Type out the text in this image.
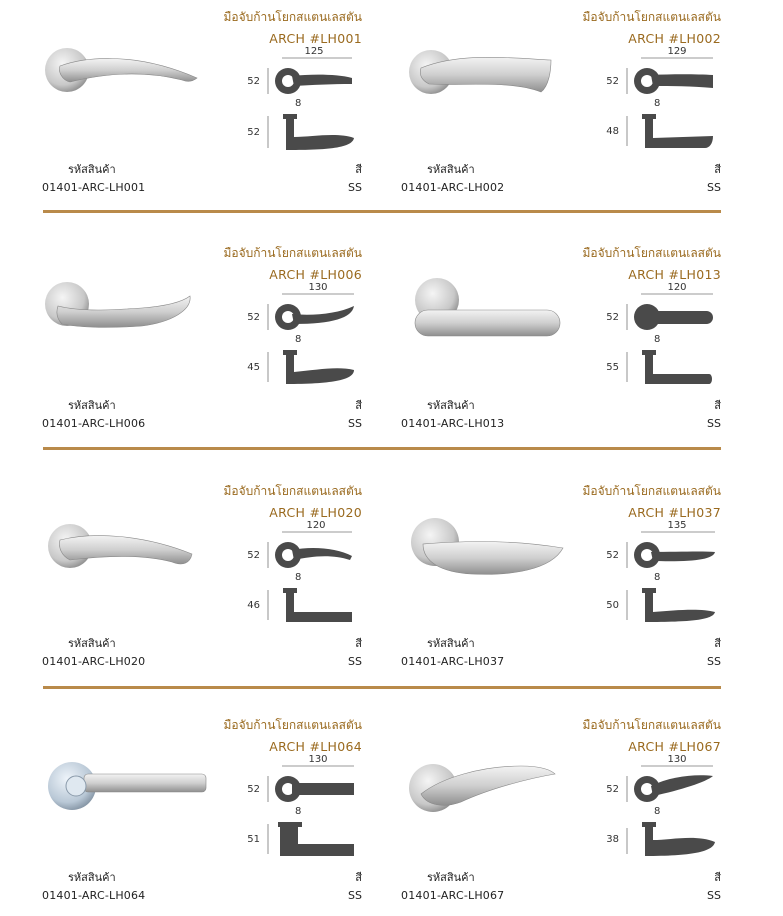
มือจับก้านโยกสแตนเลสตัน
ARCH #LH001
125
52
8
52
รหัสสินค้า
01401-ARC-LH001
สี
SS
มือจับก้านโยกสแตนเลสตัน
ARCH #LH002
129
52
8
48
รหัสสินค้า
01401-ARC-LH002
สี
SS
มือจับก้านโยกสแตนเลสตัน
ARCH #LH006
130
52
8
45
รหัสสินค้า
01401-ARC-LH006
สี
SS
มือจับก้านโยกสแตนเลสตัน
ARCH #LH013
120
52
8
55
รหัสสินค้า
01401-ARC-LH013
สี
SS
มือจับก้านโยกสแตนเลสตัน
ARCH #LH020
120
52
8
46
รหัสสินค้า
01401-ARC-LH020
สี
SS
มือจับก้านโยกสแตนเลสตัน
ARCH #LH037
135
52
8
50
รหัสสินค้า
01401-ARC-LH037
สี
SS
มือจับก้านโยกสแตนเลสตัน
ARCH #LH064
130
52
8
51
รหัสสินค้า
01401-ARC-LH064
สี
SS
มือจับก้านโยกสแตนเลสตัน
ARCH #LH067
130
52
8
38
รหัสสินค้า
01401-ARC-LH067
สี
SS
